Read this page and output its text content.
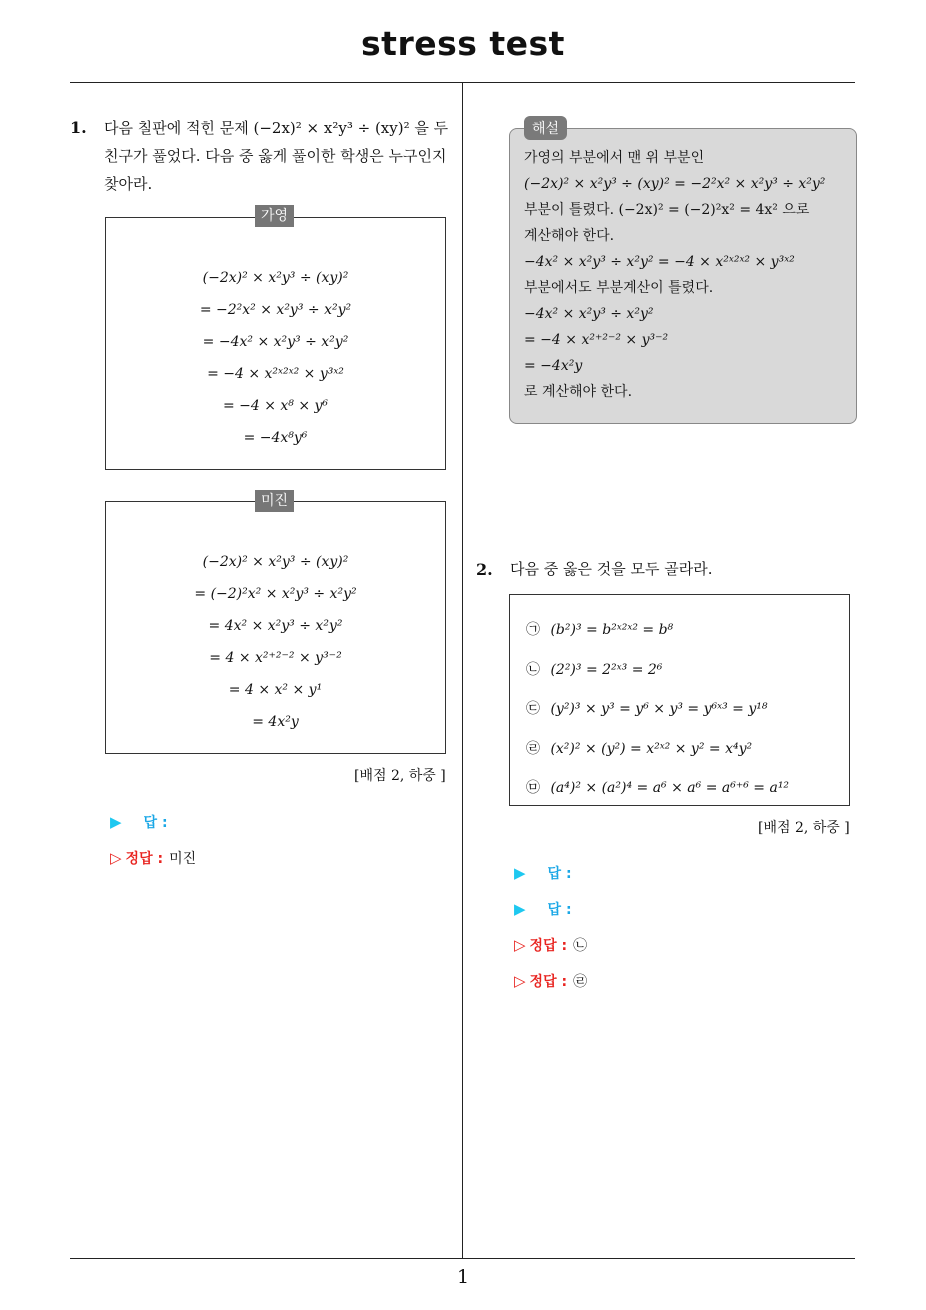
stress test
1
1. 다음 칠판에 적힌 문제 (−2x)² × x²y³ ÷ (xy)² 을 두
친구가 풀었다. 다음 중 옳게 풀이한 학생은 누구인지
찾아라.
(−2x)² × x²y³ ÷ (xy)²
= −2²x² × x²y³ ÷ x²y²
= −4x² × x²y³ ÷ x²y²
= −4 × x²ˣ²ˣ² × y³ˣ²
= −4 × x⁸ × y⁶
= −4x⁸y⁶
가영
(−2x)² × x²y³ ÷ (xy)²
= (−2)²x² × x²y³ ÷ x²y²
= 4x² × x²y³ ÷ x²y²
= 4 × x²⁺²⁻² × y³⁻²
= 4 × x² × y¹
= 4x²y
미진
[배점 2, 하중 ]
▶ 답 :
▷ 정답 : 미진
해설
가영의 부분에서 맨 위 부분인
(−2x)² × x²y³ ÷ (xy)² = −2²x² × x²y³ ÷ x²y²
부분이 틀렸다. (−2x)² = (−2)²x² = 4x² 으로
계산해야 한다.
−4x² × x²y³ ÷ x²y² = −4 × x²ˣ²ˣ² × y³ˣ²
부분에서도 부분계산이 틀렸다.
−4x² × x²y³ ÷ x²y²
= −4 × x²⁺²⁻² × y³⁻²
= −4x²y
로 계산해야 한다.
2. 다음 중 옳은 것을 모두 골라라.
㉠ (b²)³ = b²ˣ²ˣ² = b⁸
㉡ (2²)³ = 2²ˣ³ = 2⁶
㉢ (y²)³ × y³ = y⁶ × y³ = y⁶ˣ³ = y¹⁸
㉣ (x²)² × (y²) = x²ˣ² × y² = x⁴y²
㉤ (a⁴)² × (a²)⁴ = a⁶ × a⁶ = a⁶⁺⁶ = a¹²
[배점 2, 하중 ]
▶ 답 :
▶ 답 :
▷ 정답 : ㉡
▷ 정답 : ㉣
